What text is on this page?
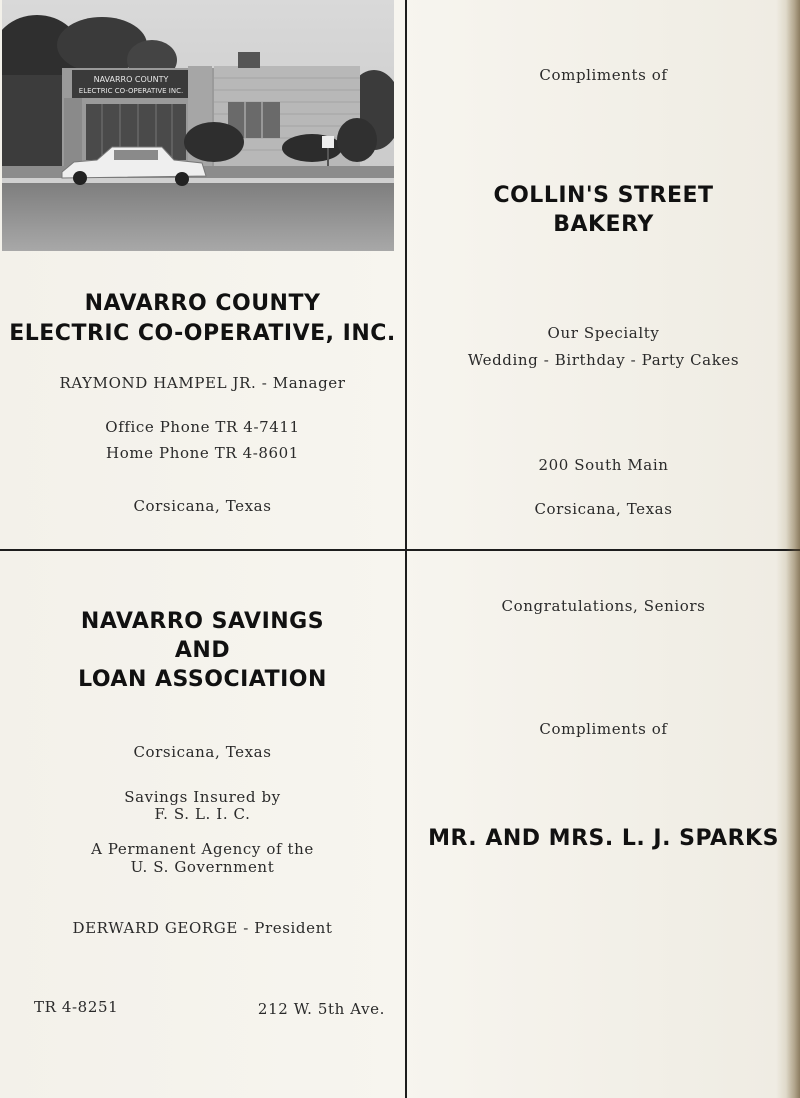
NAVARRO COUNTY
ELECTRIC CO-OPERATIVE INC.
NAVARRO COUNTY
ELECTRIC CO-OPERATIVE, INC.
RAYMOND HAMPEL JR. - Manager
Office Phone TR 4-7411
Home Phone TR 4-8601
Corsicana, Texas
Compliments of
COLLIN'S STREET
BAKERY
Our Specialty
Wedding - Birthday - Party Cakes
200 South Main
Corsicana, Texas
NAVARRO SAVINGS
AND
LOAN ASSOCIATION
Corsicana, Texas
Savings Insured by
F. S. L. I. C.
A Permanent Agency of the
U. S. Government
DERWARD GEORGE - President
TR 4-8251	212 W. 5th Ave.
Congratulations, Seniors
Compliments of
MR. AND MRS. L. J. SPARKS
